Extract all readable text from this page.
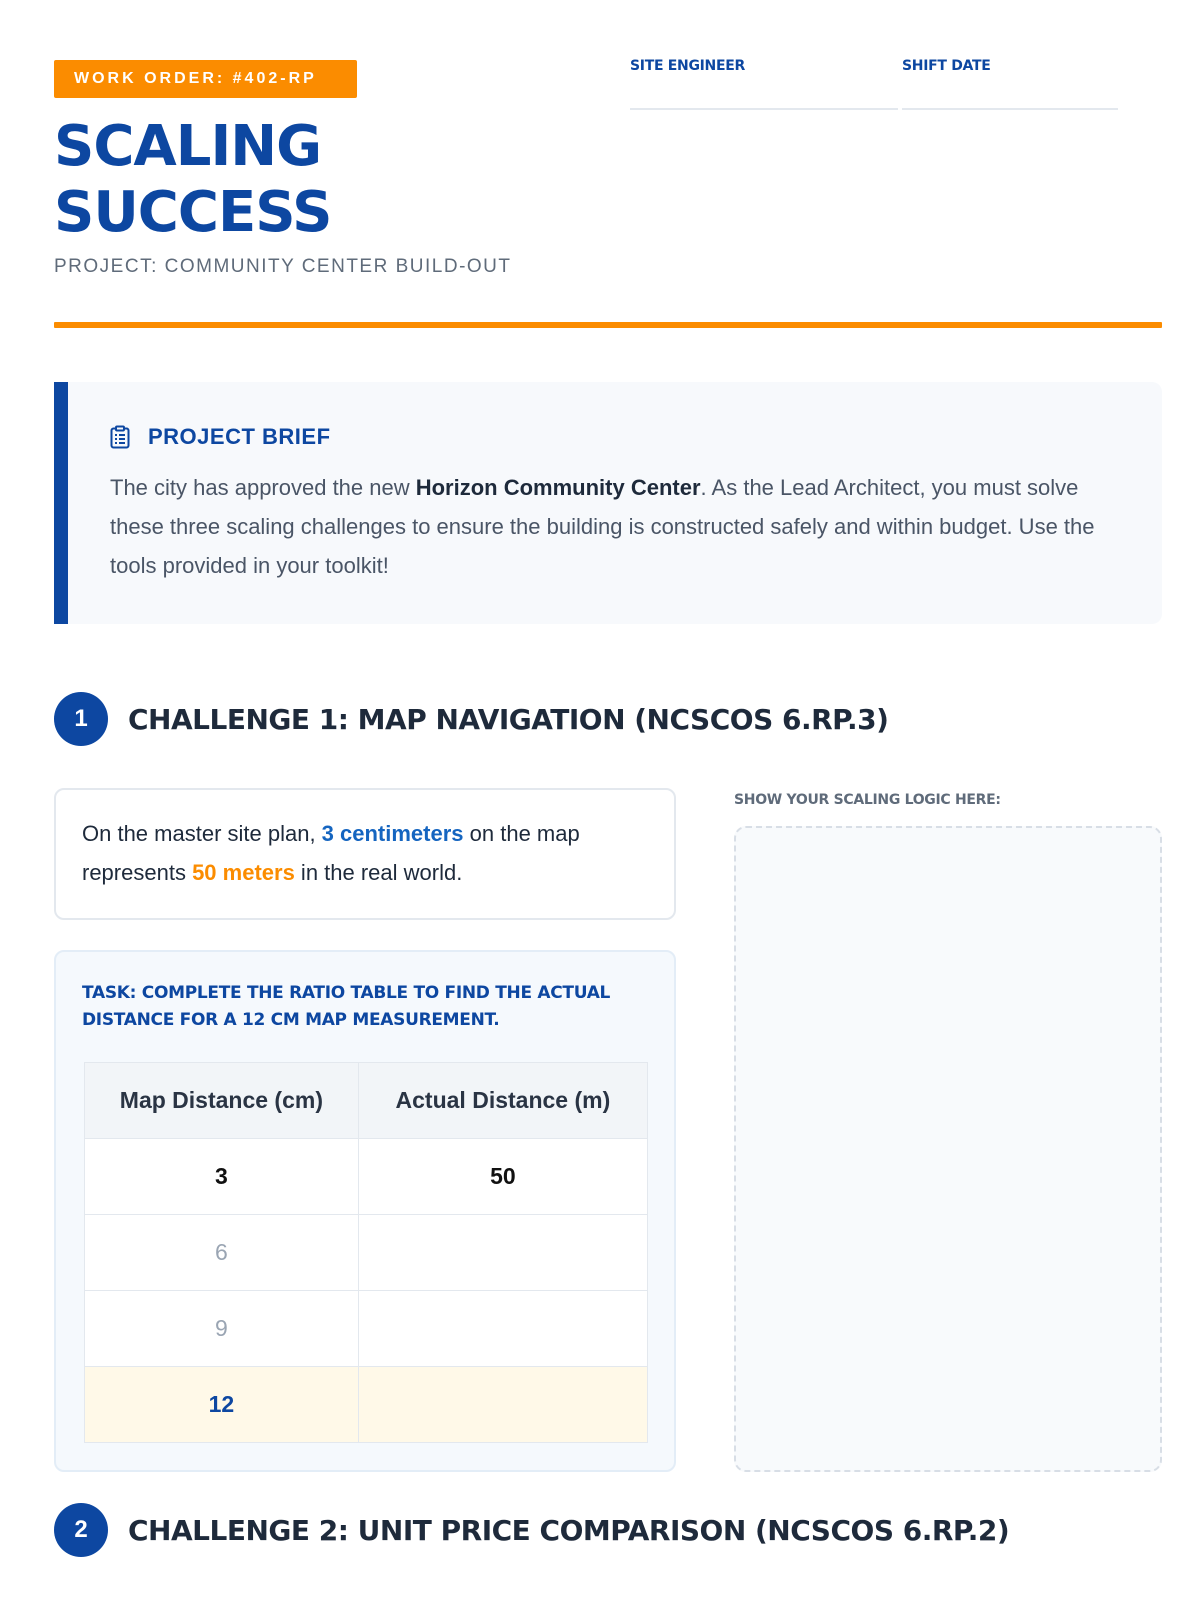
WORK ORDER: #402-RP
SCALING
SUCCESS
PROJECT: COMMUNITY CENTER BUILD-OUT
SITE ENGINEER	SHIFT DATE
PROJECT BRIEF

The city has approved the new Horizon Community Center. As the Lead Architect, you must solve these three scaling challenges to ensure the building is constructed safely and within budget. Use the tools provided in your toolkit!

1	CHALLENGE 1: MAP NAVIGATION (NCSCOS 6.RP.3)
On the master site plan, 3 centimeters on the map represents 50 meters in the real world.
TASK: COMPLETE THE RATIO TABLE TO FIND THE ACTUAL DISTANCE FOR A 12 CM MAP MEASUREMENT.
Map Distance (cm)	Actual Distance (m)
3	50
6	
9	
12	
SHOW YOUR SCALING LOGIC HERE:
2	CHALLENGE 2: UNIT PRICE COMPARISON (NCSCOS 6.RP.2)
